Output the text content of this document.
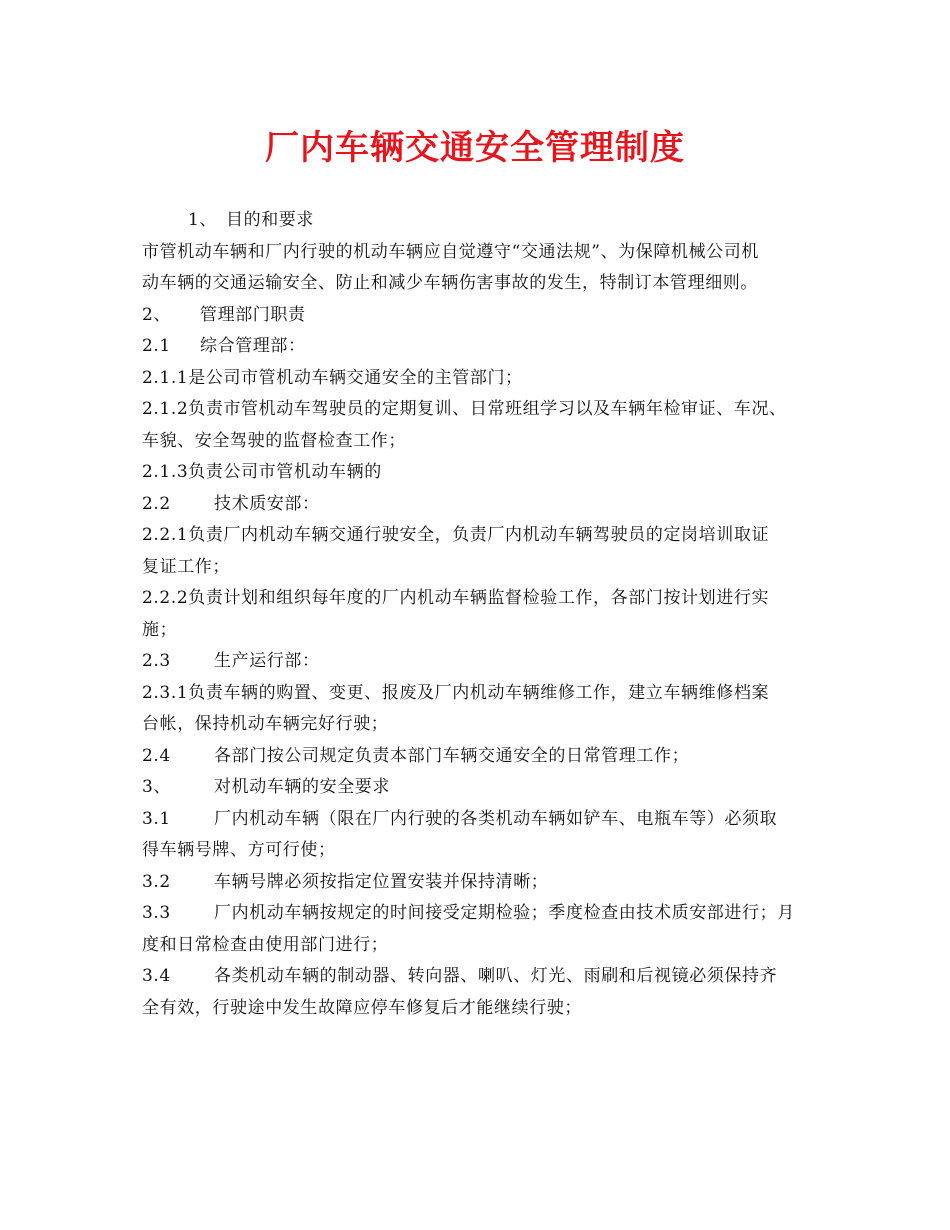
厂内车辆交通安全管理制度
1、 目的和要求
市管机动车辆和厂内行驶的机动车辆应自觉遵守“交通法规”、为保障机械公司机
动车辆的交通运输安全、防止和减少车辆伤害事故的发生，特制订本管理细则。
2、 管理部门职责
2.1 综合管理部：
2.1.1是公司市管机动车辆交通安全的主管部门；
2.1.2负责市管机动车驾驶员的定期复训、日常班组学习以及车辆年检审证、车况、
车貌、安全驾驶的监督检查工作；
2.1.3负责公司市管机动车辆的
2.2	技术质安部：
2.2.1负责厂内机动车辆交通行驶安全，负责厂内机动车辆驾驶员的定岗培训取证
复证工作；
2.2.2负责计划和组织每年度的厂内机动车辆监督检验工作，各部门按计划进行实
施；
2.3	生产运行部：
2.3.1负责车辆的购置、变更、报废及厂内机动车辆维修工作，建立车辆维修档案
台帐，保持机动车辆完好行驶；
2.4	各部门按公司规定负责本部门车辆交通安全的日常管理工作；
3、	对机动车辆的安全要求
3.1	厂内机动车辆（限在厂内行驶的各类机动车辆如铲车、电瓶车等）必须取
得车辆号牌、方可行使；
3.2	车辆号牌必须按指定位置安装并保持清晰；
3.3	厂内机动车辆按规定的时间接受定期检验；季度检查由技术质安部进行；月
度和日常检查由使用部门进行；
3.4	各类机动车辆的制动器、转向器、喇叭、灯光、雨刷和后视镜必须保持齐
全有效，行驶途中发生故障应停车修复后才能继续行驶；
